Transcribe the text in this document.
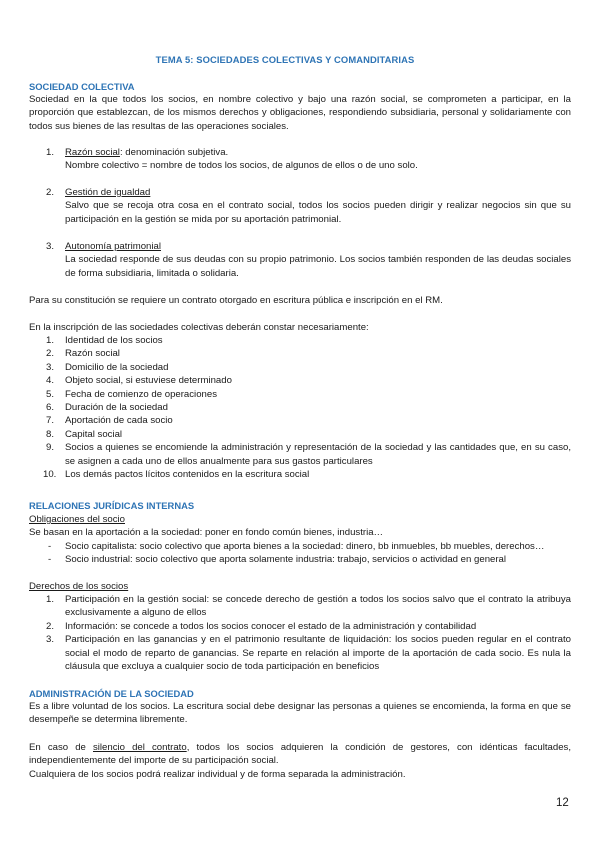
TEMA 5: SOCIEDADES COLECTIVAS Y COMANDITARIAS
SOCIEDAD COLECTIVA
Sociedad en la que todos los socios, en nombre colectivo y bajo una razón social, se comprometen a participar, en la proporción que establezcan, de los mismos derechos y obligaciones, respondiendo subsidiaria, personal y solidariamente con todos sus bienes de las resultas de las operaciones sociales.
1.	Razón social: denominación subjetiva.
Nombre colectivo = nombre de todos los socios, de algunos de ellos o de uno solo.
2.	Gestión de igualdad
Salvo que se recoja otra cosa en el contrato social, todos los socios pueden dirigir y realizar negocios sin que su participación en la gestión se mida por su aportación patrimonial.
3.	Autonomía patrimonial
La sociedad responde de sus deudas con su propio patrimonio. Los socios también responden de las deudas sociales de forma subsidiaria, limitada o solidaria.
Para su constitución se requiere un contrato otorgado en escritura pública e inscripción en el RM.
En la inscripción de las sociedades colectivas deberán constar necesariamente:
1.	Identidad de los socios
2.	Razón social
3.	Domicilio de la sociedad
4.	Objeto social, si estuviese determinado
5.	Fecha de comienzo de operaciones
6.	Duración de la sociedad
7.	Aportación de cada socio
8.	Capital social
9.	Socios a quienes se encomiende la administración y representación de la sociedad y las cantidades que, en su caso, se asignen a cada uno de ellos anualmente para sus gastos particulares
10. Los demás pactos lícitos contenidos en la escritura social
RELACIONES JURÍDICAS INTERNAS
Obligaciones del socio
Se basan en la aportación a la sociedad: poner en fondo común bienes, industria…
- Socio capitalista: socio colectivo que aporta bienes a la sociedad: dinero, bb inmuebles, bb muebles, derechos…
- Socio industrial: socio colectivo que aporta solamente industria: trabajo, servicios o actividad en general
Derechos de los socios
1.	Participación en la gestión social: se concede derecho de gestión a todos los socios salvo que el contrato la atribuya exclusivamente a alguno de ellos
2.	Información: se concede a todos los socios conocer el estado de la administración y contabilidad
3.	Participación en las ganancias y en el patrimonio resultante de liquidación: los socios pueden regular en el contrato social el modo de reparto de ganancias. Se reparte en relación al importe de la aportación de cada socio. Es nula la cláusula que excluya a cualquier socio de toda participación en beneficios
ADMINISTRACIÓN DE LA SOCIEDAD
Es a libre voluntad de los socios. La escritura social debe designar las personas a quienes se encomienda, la forma en que se desempeñe se determina libremente.
En caso de silencio del contrato, todos los socios adquieren la condición de gestores, con idénticas facultades, independientemente del importe de su participación social.
Cualquiera de los socios podrá realizar individual y de forma separada la administración.
12
